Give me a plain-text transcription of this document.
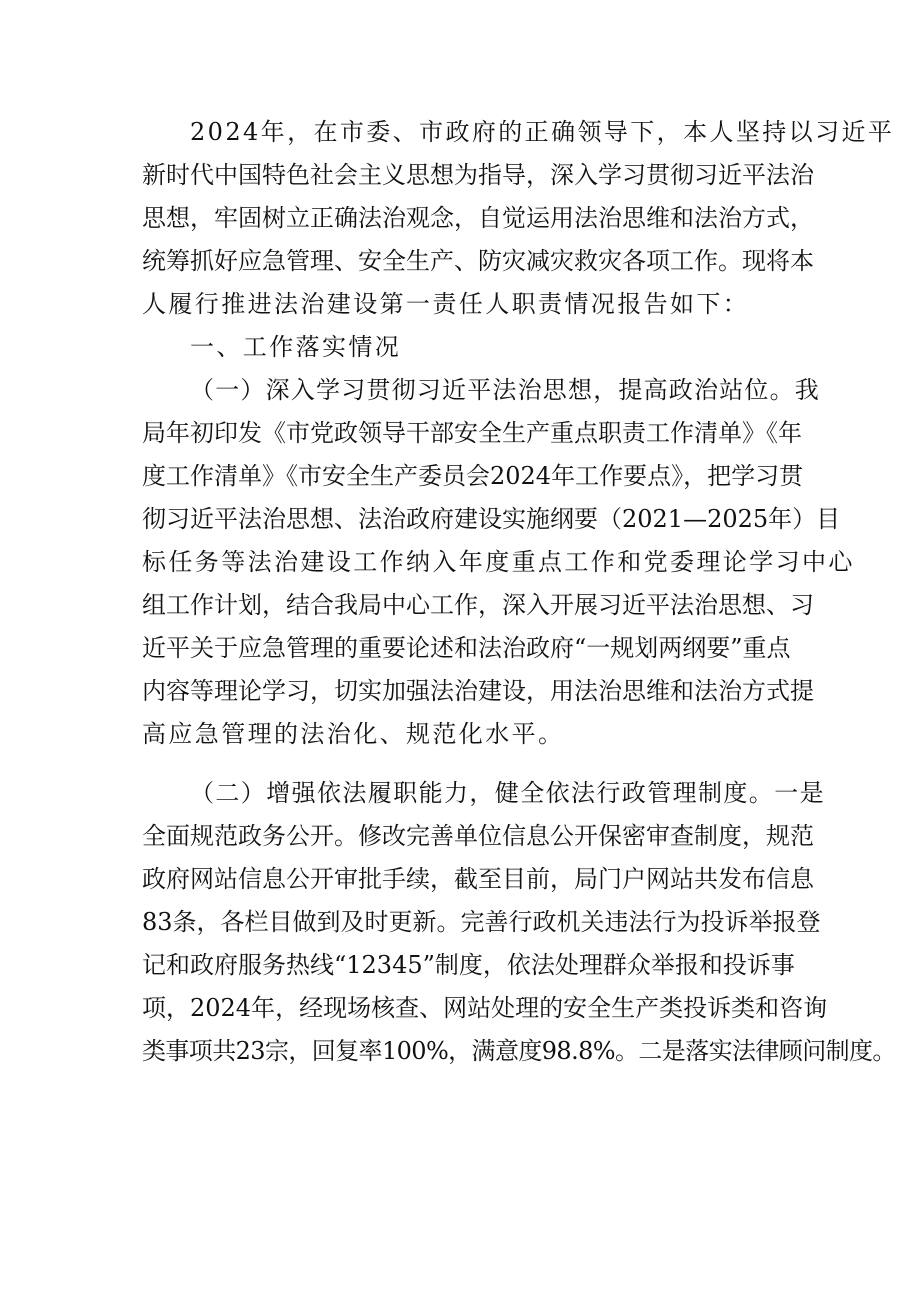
2024年，在市委、市政府的正确领导下，本人坚持以习近平
新时代中国特色社会主义思想为指导，深入学习贯彻习近平法治
思想，牢固树立正确法治观念，自觉运用法治思维和法治方式，
统筹抓好应急管理、安全生产、防灾减灾救灾各项工作。现将本
人履行推进法治建设第一责任人职责情况报告如下：
一、工作落实情况
（一）深入学习贯彻习近平法治思想，提高政治站位。我
局年初印发《市党政领导干部安全生产重点职责工作清单》《年
度工作清单》《市安全生产委员会2024年工作要点》，把学习贯
彻习近平法治思想、法治政府建设实施纲要（2021—2025年）目
标任务等法治建设工作纳入年度重点工作和党委理论学习中心
组工作计划，结合我局中心工作，深入开展习近平法治思想、习
近平关于应急管理的重要论述和法治政府“一规划两纲要”重点
内容等理论学习，切实加强法治建设，用法治思维和法治方式提
高应急管理的法治化、规范化水平。
（二）增强依法履职能力，健全依法行政管理制度。一是
全面规范政务公开。修改完善单位信息公开保密审查制度，规范
政府网站信息公开审批手续，截至目前，局门户网站共发布信息
83条，各栏目做到及时更新。完善行政机关违法行为投诉举报登
记和政府服务热线“12345”制度，依法处理群众举报和投诉事
项，2024年，经现场核查、网站处理的安全生产类投诉类和咨询
类事项共23宗，回复率100%，满意度98.8%。二是落实法律顾问制度。
